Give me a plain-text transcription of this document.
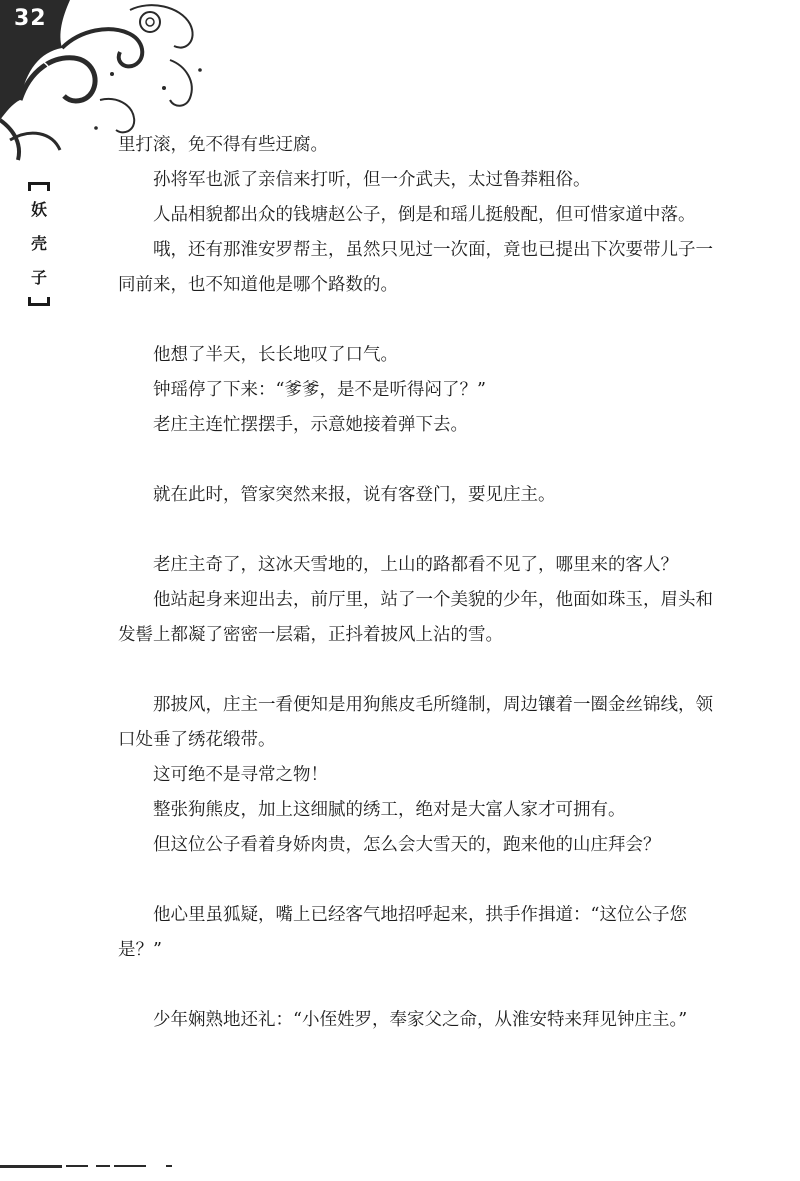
32
妖
壳
子

里打滚，免不得有些迂腐。

孙将军也派了亲信来打听，但一介武夫，太过鲁莽粗俗。

人品相貌都出众的钱塘赵公子，倒是和瑶儿挺般配，但可惜家道中落。

哦，还有那淮安罗帮主，虽然只见过一次面，竟也已提出下次要带儿子一同前来，也不知道他是哪个路数的。

他想了半天，长长地叹了口气。

钟瑶停了下来：“爹爹，是不是听得闷了？”

老庄主连忙摆摆手，示意她接着弹下去。

就在此时，管家突然来报，说有客登门，要见庄主。

老庄主奇了，这冰天雪地的，上山的路都看不见了，哪里来的客人？

他站起身来迎出去，前厅里，站了一个美貌的少年，他面如珠玉，眉头和发髻上都凝了密密一层霜，正抖着披风上沾的雪。

那披风，庄主一看便知是用狗熊皮毛所缝制，周边镶着一圈金丝锦线，领口处垂了绣花缎带。

这可绝不是寻常之物！

整张狗熊皮，加上这细腻的绣工，绝对是大富人家才可拥有。

但这位公子看着身娇肉贵，怎么会大雪天的，跑来他的山庄拜会？

他心里虽狐疑，嘴上已经客气地招呼起来，拱手作揖道：“这位公子您是？”

少年娴熟地还礼：“小侄姓罗，奉家父之命，从淮安特来拜见钟庄主。”
